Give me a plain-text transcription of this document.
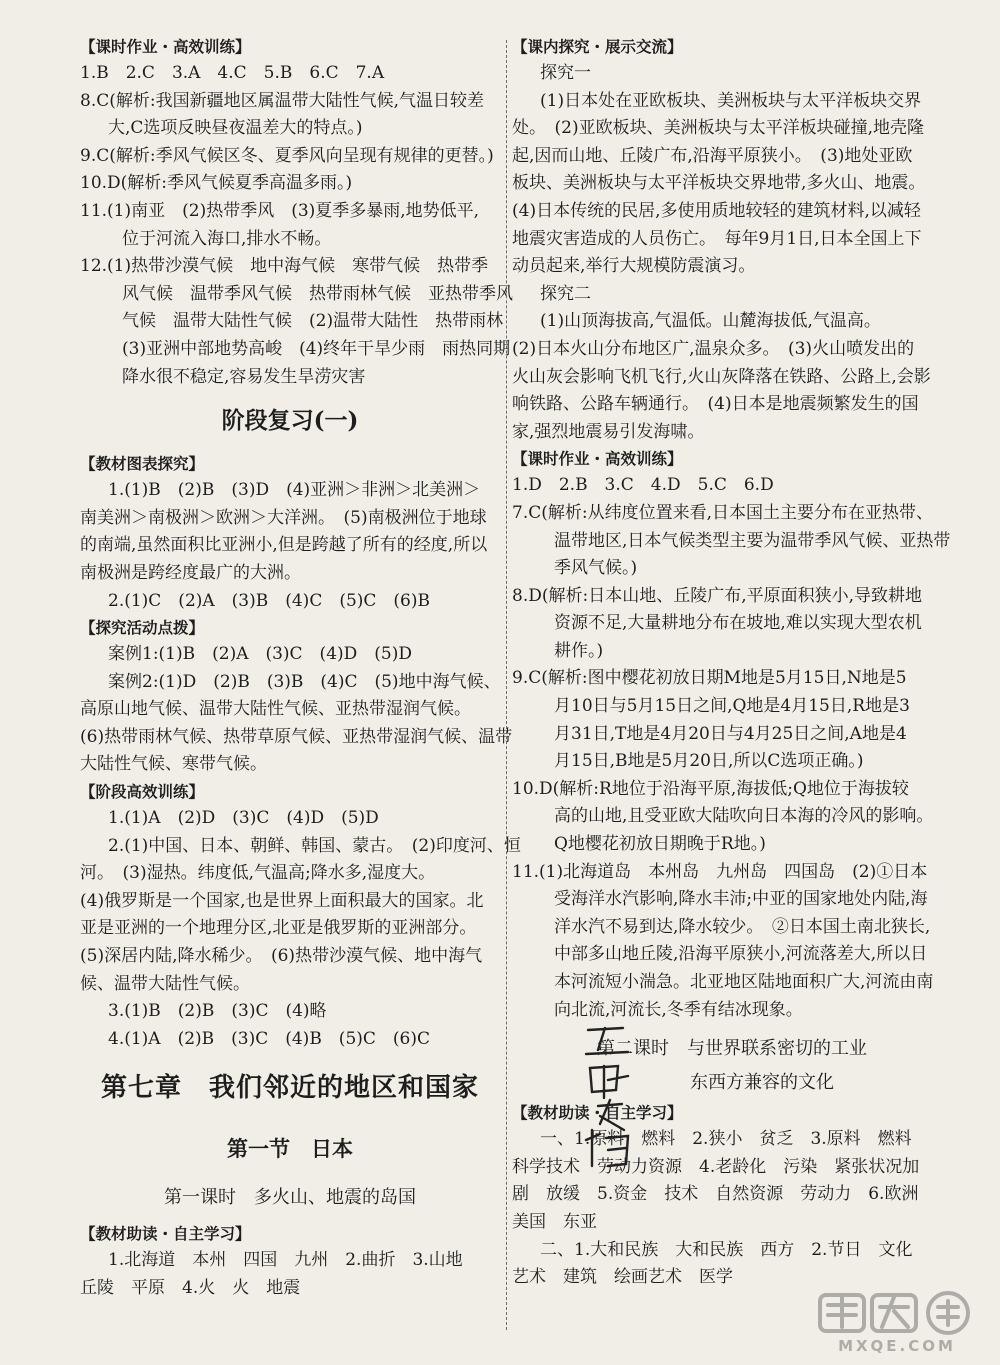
【课时作业・高效训练】
1.B　2.C　3.A　4.C　5.B　6.C　7.A
8.C(解析:我国新疆地区属温带大陆性气候,气温日较差
大,C选项反映昼夜温差大的特点。)
9.C(解析:季风气候区冬、夏季风向呈现有规律的更替。)
10.D(解析:季风气候夏季高温多雨。)
11.(1)南亚　(2)热带季风　(3)夏季多暴雨,地势低平,
位于河流入海口,排水不畅。
12.(1)热带沙漠气候　地中海气候　寒带气候　热带季
风气候　温带季风气候　热带雨林气候　亚热带季风
气候　温带大陆性气候　(2)温带大陆性　热带雨林
(3)亚洲中部地势高峻　(4)终年干旱少雨　雨热同期
降水很不稳定,容易发生旱涝灾害
阶段复习(一)
【教材图表探究】
1.(1)B　(2)B　(3)D　(4)亚洲＞非洲＞北美洲＞
南美洲＞南极洲＞欧洲＞大洋洲。　(5)南极洲位于地球
的南端,虽然面积比亚洲小,但是跨越了所有的经度,所以
南极洲是跨经度最广的大洲。
2.(1)C　(2)A　(3)B　(4)C　(5)C　(6)B
【探究活动点拨】
案例1:(1)B　(2)A　(3)C　(4)D　(5)D
案例2:(1)D　(2)B　(3)B　(4)C　(5)地中海气候、
高原山地气候、温带大陆性气候、亚热带湿润气候。
(6)热带雨林气候、热带草原气候、亚热带湿润气候、温带
大陆性气候、寒带气候。
【阶段高效训练】
1.(1)A　(2)D　(3)C　(4)D　(5)D
2.(1)中国、日本、朝鲜、韩国、蒙古。　(2)印度河、恒
河。　(3)湿热。纬度低,气温高;降水多,湿度大。
(4)俄罗斯是一个国家,也是世界上面积最大的国家。北
亚是亚洲的一个地理分区,北亚是俄罗斯的亚洲部分。
(5)深居内陆,降水稀少。　(6)热带沙漠气候、地中海气
候、温带大陆性气候。
3.(1)B　(2)B　(3)C　(4)略
4.(1)A　(2)B　(3)C　(4)B　(5)C　(6)C
第七章　我们邻近的地区和国家
第一节　日本
第一课时　多火山、地震的岛国
【教材助读・自主学习】
1.北海道　本州　四国　九州　2.曲折　3.山地
丘陵　平原　4.火　火　地震
【课内探究・展示交流】
探究一
(1)日本处在亚欧板块、美洲板块与太平洋板块交界
处。　(2)亚欧板块、美洲板块与太平洋板块碰撞,地壳隆
起,因而山地、丘陵广布,沿海平原狭小。　(3)地处亚欧
板块、美洲板块与太平洋板块交界地带,多火山、地震。
(4)日本传统的民居,多使用质地较轻的建筑材料,以减轻
地震灾害造成的人员伤亡。　每年9月1日,日本全国上下
动员起来,举行大规模防震演习。
探究二
(1)山顶海拔高,气温低。山麓海拔低,气温高。
(2)日本火山分布地区广,温泉众多。　(3)火山喷发出的
火山灰会影响飞机飞行,火山灰降落在铁路、公路上,会影
响铁路、公路车辆通行。　(4)日本是地震频繁发生的国
家,强烈地震易引发海啸。
【课时作业・高效训练】
1.D　2.B　3.C　4.D　5.C　6.D
7.C(解析:从纬度位置来看,日本国土主要分布在亚热带、
温带地区,日本气候类型主要为温带季风气候、亚热带
季风气候。)
8.D(解析:日本山地、丘陵广布,平原面积狭小,导致耕地
资源不足,大量耕地分布在坡地,难以实现大型农机
耕作。)
9.C(解析:图中樱花初放日期M地是5月15日,N地是5
月10日与5月15日之间,Q地是4月15日,R地是3
月31日,T地是4月20日与4月25日之间,A地是4
月15日,B地是5月20日,所以C选项正确。)
10.D(解析:R地位于沿海平原,海拔低;Q地位于海拔较
高的山地,且受亚欧大陆吹向日本海的冷风的影响。
Q地樱花初放日期晚于R地。)
11.(1)北海道岛　本州岛　九州岛　四国岛　(2)①日本
受海洋水汽影响,降水丰沛;中亚的国家地处内陆,海
洋水汽不易到达,降水较少。　②日本国土南北狭长,
中部多山地丘陵,沿海平原狭小,河流落差大,所以日
本河流短小湍急。北亚地区陆地面积广大,河流由南
向北流,河流长,冬季有结冰现象。
第二课时　与世界联系密切的工业
东西方兼容的文化
【教材助读・自主学习】
一、1.原料　燃料　2.狭小　贫乏　3.原料　燃料
科学技术　劳动力资源　4.老龄化　污染　紧张状况加
剧　放缓　5.资金　技术　自然资源　劳动力　6.欧洲
美国　东亚
二、1.大和民族　大和民族　西方　2.节日　文化
艺术　建筑　绘画艺术　医学
MXQE.COM
